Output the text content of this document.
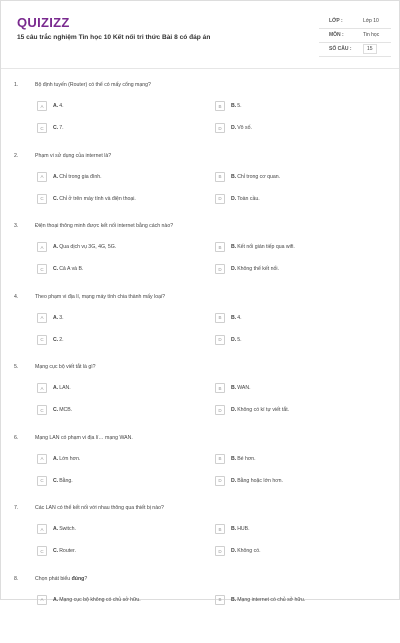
QUIZIZZ
15 câu trắc nghiệm Tin học 10 Kết nối tri thức Bài 8 có đáp án
LỚP :	Lớp 10
MÔN :	Tin học
SỐ CÂU :	15
1.	Bộ định tuyến (Router) có thể có mấy cổng mạng?
A	A. 4.	B	B. 5.
C	C. 7.	D	D. Vô số.
2.	Phạm vi sử dụng của internet là?
A	A. Chỉ trong gia đình.	B	B. Chỉ trong cơ quan.
C	C. Chỉ ở trên máy tính và điện thoại.	D	D. Toàn cầu.
3.	Điện thoại thông minh được kết nối internet bằng cách nào?
A	A. Qua dịch vụ 3G, 4G, 5G.	B	B. Kết nối gián tiếp qua wifi.
C	C. Cả A và B.	D	D. Không thể kết nối.
4.	Theo phạm vi địa lí, mạng máy tính chia thành mấy loại?
A	A. 3.	B	B. 4.
C	C. 2.	D	D. 5.
5.	Mạng cục bộ viết tắt là gì?
A	A. LAN.	B	B. WAN.
C	C. MCB.	D	D. Không có kí tự viết tắt.
6.	Mạng LAN có phạm vi địa lí… mạng WAN.
A	A. Lớn hơn.	B	B. Bé hơn.
C	C. Bằng.	D	D. Bằng hoặc lớn hơn.
7.	Các LAN có thể kết nối với nhau thông qua thiết bị nào?
A	A. Switch.	B	B. HUB.
C	C. Router.	D	D. Không có.
8.	Chọn phát biểu đúng?
A	A. Mạng cục bộ không có chủ sở hữu.	B	B. Mạng internet có chủ sở hữu.
